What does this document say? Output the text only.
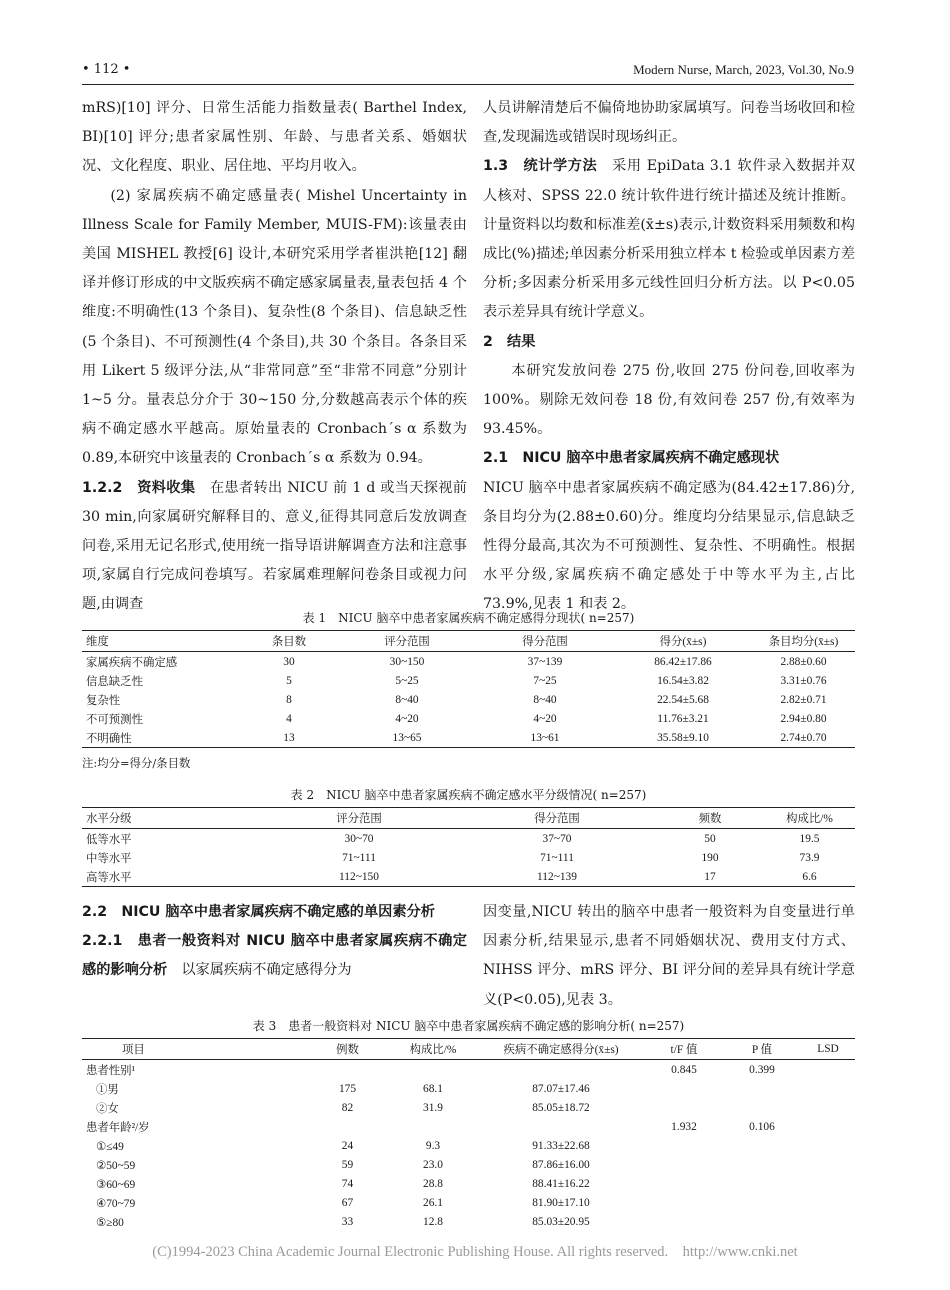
• 112 •	Modern Nurse, March, 2023, Vol.30, No.9

mRS)[10] 评分、日常生活能力指数量表( Barthel Index, BI)[10] 评分;患者家属性别、年龄、与患者关系、婚姻状况、文化程度、职业、居住地、平均月收入。

(2) 家属疾病不确定感量表( Mishel Uncertainty in Illness Scale for Family Member, MUIS-FM):该量表由美国 MISHEL 教授[6] 设计,本研究采用学者崔洪艳[12] 翻译并修订形成的中文版疾病不确定感家属量表,量表包括 4 个维度:不明确性(13 个条目)、复杂性(8 个条目)、信息缺乏性(5 个条目)、不可预测性(4 个条目),共 30 个条目。各条目采用 Likert 5 级评分法,从“非常同意”至“非常不同意”分别计 1~5 分。量表总分介于 30~150 分,分数越高表示个体的疾病不确定感水平越高。原始量表的 Cronbach´s α 系数为 0.89,本研究中该量表的 Cronbach´s α 系数为 0.94。

1.2.2　资料收集　 在患者转出 NICU 前 1 d 或当天探视前 30 min,向家属研究解释目的、意义,征得其同意后发放调查问卷,采用无记名形式,使用统一指导语讲解调查方法和注意事项,家属自行完成问卷填写。若家属难理解问卷条目或视力问题,由调查

人员讲解清楚后不偏倚地协助家属填写。问卷当场收回和检查,发现漏选或错误时现场纠正。

1.3　统计学方法　 采用 EpiData 3.1 软件录入数据并双人核对、SPSS 22.0 统计软件进行统计描述及统计推断。计量资料以均数和标准差(x̄±s)表示,计数资料采用频数和构成比(%)描述;单因素分析采用独立样本 t 检验或单因素方差分析;多因素分析采用多元线性回归分析方法。以 P<0.05 表示差异具有统计学意义。

2　结果

本研究发放问卷 275 份,收回 275 份问卷,回收率为 100%。剔除无效问卷 18 份,有效问卷 257 份,有效率为 93.45%。

2.1　NICU 脑卒中患者家属疾病不确定感现状

NICU 脑卒中患者家属疾病不确定感为(84.42±17.86)分,条目均分为(2.88±0.60)分。维度均分结果显示,信息缺乏性得分最高,其次为不可预测性、复杂性、不明确性。根据水平分级,家属疾病不确定感处于中等水平为主,占比 73.9%,见表 1 和表 2。

表 1　NICU 脑卒中患者家属疾病不确定感得分现状( n=257)
维度	条目数	评分范围	得分范围	得分(x̄±s)	条目均分(x̄±s)
家属疾病不确定感	30	30~150	37~139	86.42±17.86	2.88±0.60
信息缺乏性	5	5~25	7~25	16.54±3.82	3.31±0.76
复杂性	8	8~40	8~40	22.54±5.68	2.82±0.71
不可预测性	4	4~20	4~20	11.76±3.21	2.94±0.80
不明确性	13	13~65	13~61	35.58±9.10	2.74±0.70
注:均分=得分/条目数
表 2　NICU 脑卒中患者家属疾病不确定感水平分级情况( n=257)
水平分级	评分范围	得分范围	频数	构成比/%
低等水平	30~70	37~70	50	19.5
中等水平	71~111	71~111	190	73.9
高等水平	112~150	112~139	17	6.6

2.2　NICU 脑卒中患者家属疾病不确定感的单因素分析

2.2.1　患者一般资料对 NICU 脑卒中患者家属疾病不确定感的影响分析　 以家属疾病不确定感得分为

因变量,NICU 转出的脑卒中患者一般资料为自变量进行单因素分析,结果显示,患者不同婚姻状况、费用支付方式、NIHSS 评分、mRS 评分、BI 评分间的差异具有统计学意义(P<0.05),见表 3。

表 3　患者一般资料对 NICU 脑卒中患者家属疾病不确定感的影响分析( n=257)
项目	例数	构成比/%	疾病不确定感得分(x̄±s)	t/F 值	P 值	LSD
患者性别¹				0.845	0.399	
①男	175	68.1	87.07±17.46			
②女	82	31.9	85.05±18.72			
患者年龄²/岁				1.932	0.106	
①≤49	24	9.3	91.33±22.68			
②50~59	59	23.0	87.86±16.00			
③60~69	74	28.8	88.41±16.22			
④70~79	67	26.1	81.90±17.10			
⑤≥80	33	12.8	85.03±20.95			
(C)1994-2023 China Academic Journal Electronic Publishing House. All rights reserved.　http://www.cnki.net
